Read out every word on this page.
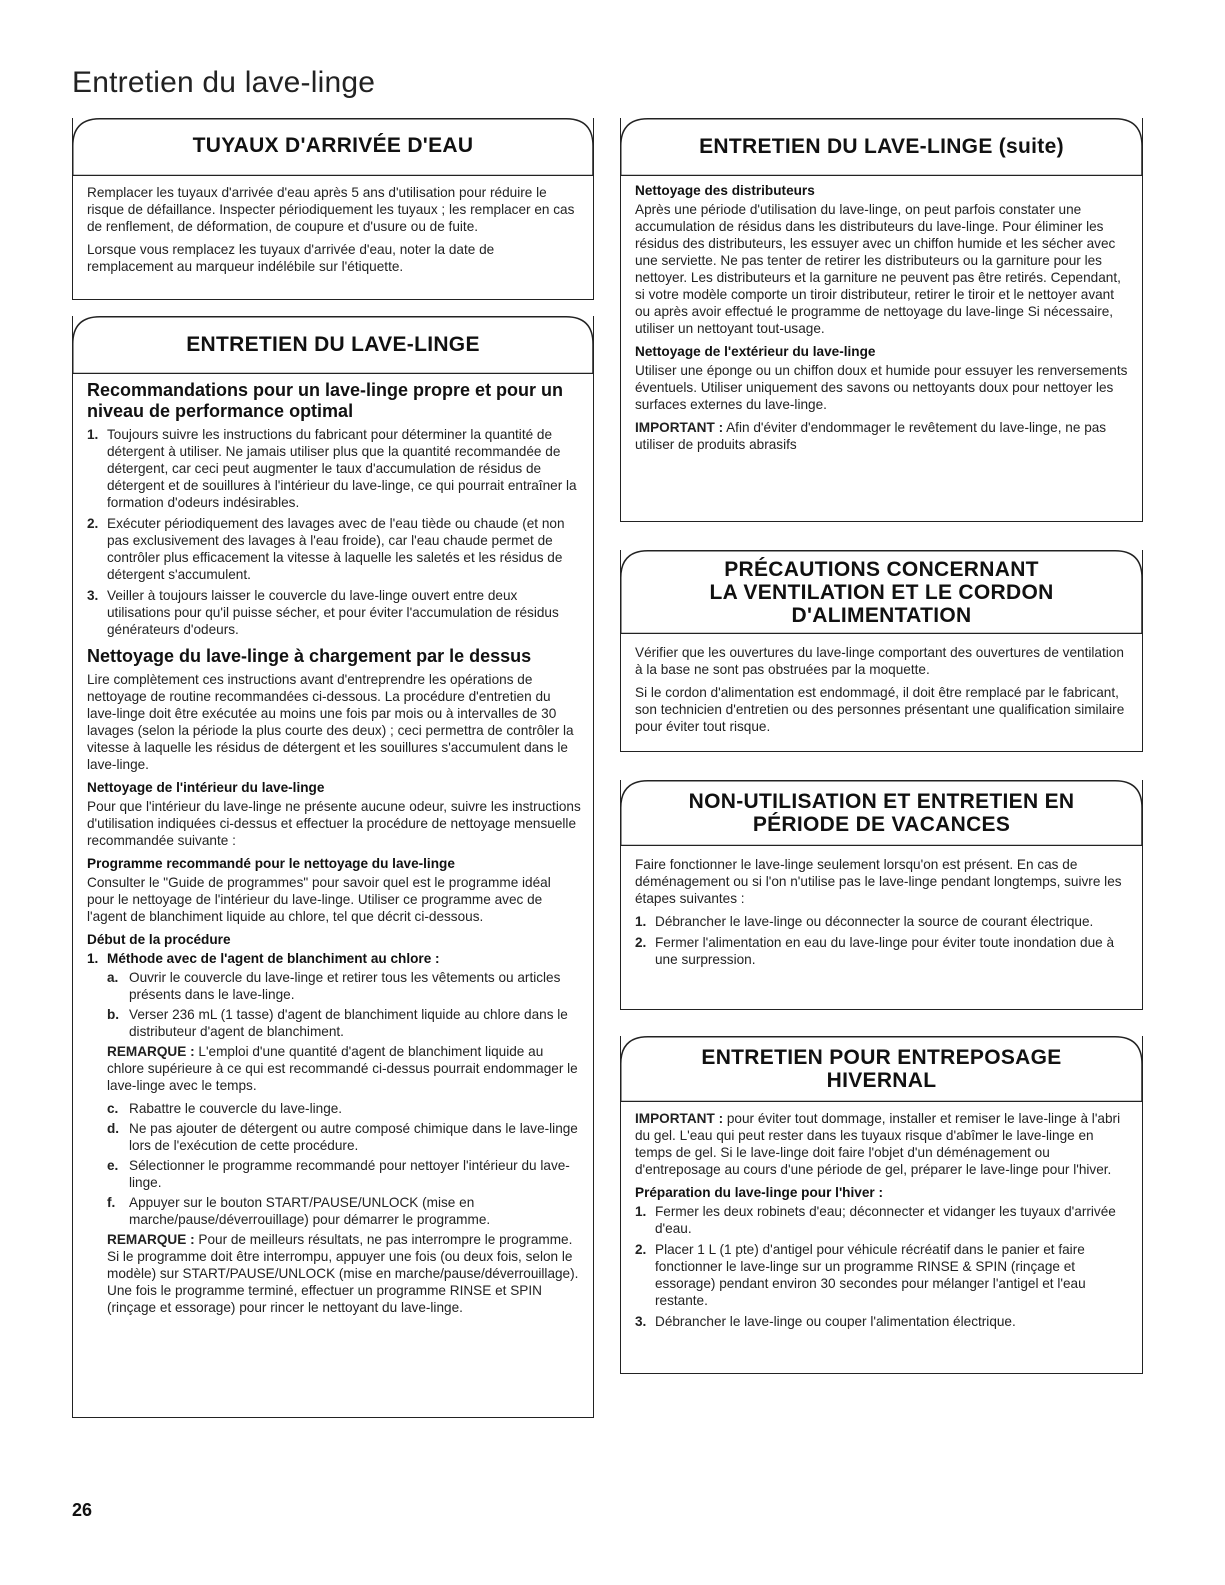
Entretien du lave-linge
TUYAUX D'ARRIVÉE D'EAU

Remplacer les tuyaux d'arrivée d'eau après 5 ans d'utilisation pour réduire le risque de défaillance. Inspecter périodiquement les tuyaux ; les remplacer en cas de renflement, de déformation, de coupure et d'usure ou de fuite.

Lorsque vous remplacez les tuyaux d'arrivée d'eau, noter la date de remplacement au marqueur indélébile sur l'étiquette.

ENTRETIEN DU LAVE-LINGE
Recommandations pour un lave-linge propre et pour un niveau de performance optimal
1. Toujours suivre les instructions du fabricant pour déterminer la quantité de détergent à utiliser. Ne jamais utiliser plus que la quantité recommandée de détergent, car ceci peut augmenter le taux d'accumulation de résidus de détergent et de souillures à l'intérieur du lave-linge, ce qui pourrait entraîner la formation d'odeurs indésirables.
2. Exécuter périodiquement des lavages avec de l'eau tiède ou chaude (et non pas exclusivement des lavages à l'eau froide), car l'eau chaude permet de contrôler plus efficacement la vitesse à laquelle les saletés et les résidus de détergent s'accumulent.
3. Veiller à toujours laisser le couvercle du lave-linge ouvert entre deux utilisations pour qu'il puisse sécher, et pour éviter l'accumulation de résidus générateurs d'odeurs.
Nettoyage du lave-linge à chargement par le dessus

Lire complètement ces instructions avant d'entreprendre les opérations de nettoyage de routine recommandées ci-dessous. La procédure d'entretien du lave-linge doit être exécutée au moins une fois par mois ou à intervalles de 30 lavages (selon la période la plus courte des deux) ; ceci permettra de contrôler la vitesse à laquelle les résidus de détergent et les souillures s'accumulent dans le lave-linge.

Nettoyage de l'intérieur du lave-linge

Pour que l'intérieur du lave-linge ne présente aucune odeur, suivre les instructions d'utilisation indiquées ci-dessus et effectuer la procédure de nettoyage mensuelle recommandée suivante :

Programme recommandé pour le nettoyage du lave-linge

Consulter le "Guide de programmes" pour savoir quel est le programme idéal pour le nettoyage de l'intérieur du lave-linge. Utiliser ce programme avec de l'agent de blanchiment liquide au chlore, tel que décrit ci-dessous.

Début de la procédure
1. Méthode avec de l'agent de blanchiment au chlore :
a. Ouvrir le couvercle du lave-linge et retirer tous les vêtements ou articles présents dans le lave-linge.
b. Verser 236 mL (1 tasse) d'agent de blanchiment liquide au chlore dans le distributeur d'agent de blanchiment.

REMARQUE : L'emploi d'une quantité d'agent de blanchiment liquide au chlore supérieure à ce qui est recommandé ci-dessus pourrait endommager le lave-linge avec le temps.

c. Rabattre le couvercle du lave-linge.
d. Ne pas ajouter de détergent ou autre composé chimique dans le lave-linge lors de l'exécution de cette procédure.
e. Sélectionner le programme recommandé pour nettoyer l'intérieur du lave-linge.
f. Appuyer sur le bouton START/PAUSE/UNLOCK (mise en marche/pause/déverrouillage) pour démarrer le programme.

REMARQUE : Pour de meilleurs résultats, ne pas interrompre le programme. Si le programme doit être interrompu, appuyer une fois (ou deux fois, selon le modèle) sur START/PAUSE/UNLOCK (mise en marche/pause/déverrouillage). Une fois le programme terminé, effectuer un programme RINSE et SPIN (rinçage et essorage) pour rincer le nettoyant du lave-linge.

ENTRETIEN DU LAVE-LINGE (suite)
Nettoyage des distributeurs

Après une période d'utilisation du lave-linge, on peut parfois constater une accumulation de résidus dans les distributeurs du lave-linge. Pour éliminer les résidus des distributeurs, les essuyer avec un chiffon humide et les sécher avec une serviette. Ne pas tenter de retirer les distributeurs ou la garniture pour les nettoyer. Les distributeurs et la garniture ne peuvent pas être retirés. Cependant, si votre modèle comporte un tiroir distributeur, retirer le tiroir et le nettoyer avant ou après avoir effectué le programme de nettoyage du lave-linge Si nécessaire, utiliser un nettoyant tout-usage.

Nettoyage de l'extérieur du lave-linge

Utiliser une éponge ou un chiffon doux et humide pour essuyer les renversements éventuels. Utiliser uniquement des savons ou nettoyants doux pour nettoyer les surfaces externes du lave-linge.

IMPORTANT : Afin d'éviter d'endommager le revêtement du lave-linge, ne pas utiliser de produits abrasifs

PRÉCAUTIONS CONCERNANT
LA VENTILATION ET LE CORDON
D'ALIMENTATION

Vérifier que les ouvertures du lave-linge comportant des ouvertures de ventilation à la base ne sont pas obstruées par la moquette.

Si le cordon d'alimentation est endommagé, il doit être remplacé par le fabricant, son technicien d'entretien ou des personnes présentant une qualification similaire pour éviter tout risque.

NON-UTILISATION ET ENTRETIEN EN
PÉRIODE DE VACANCES

Faire fonctionner le lave-linge seulement lorsqu'on est présent. En cas de déménagement ou si l'on n'utilise pas le lave-linge pendant longtemps, suivre les étapes suivantes :

1. Débrancher le lave-linge ou déconnecter la source de courant électrique.
2. Fermer l'alimentation en eau du lave-linge pour éviter toute inondation due à une surpression.
ENTRETIEN POUR ENTREPOSAGE
HIVERNAL

IMPORTANT : pour éviter tout dommage, installer et remiser le lave-linge à l'abri du gel. L'eau qui peut rester dans les tuyaux risque d'abîmer le lave-linge en temps de gel. Si le lave-linge doit faire l'objet d'un déménagement ou d'entreposage au cours d'une période de gel, préparer le lave-linge pour l'hiver.

Préparation du lave-linge pour l'hiver :
1. Fermer les deux robinets d'eau; déconnecter et vidanger les tuyaux d'arrivée d'eau.
2. Placer 1 L (1 pte) d'antigel pour véhicule récréatif dans le panier et faire fonctionner le lave-linge sur un programme RINSE & SPIN (rinçage et essorage) pendant environ 30 secondes pour mélanger l'antigel et l'eau restante.
3. Débrancher le lave-linge ou couper l'alimentation électrique.
26
